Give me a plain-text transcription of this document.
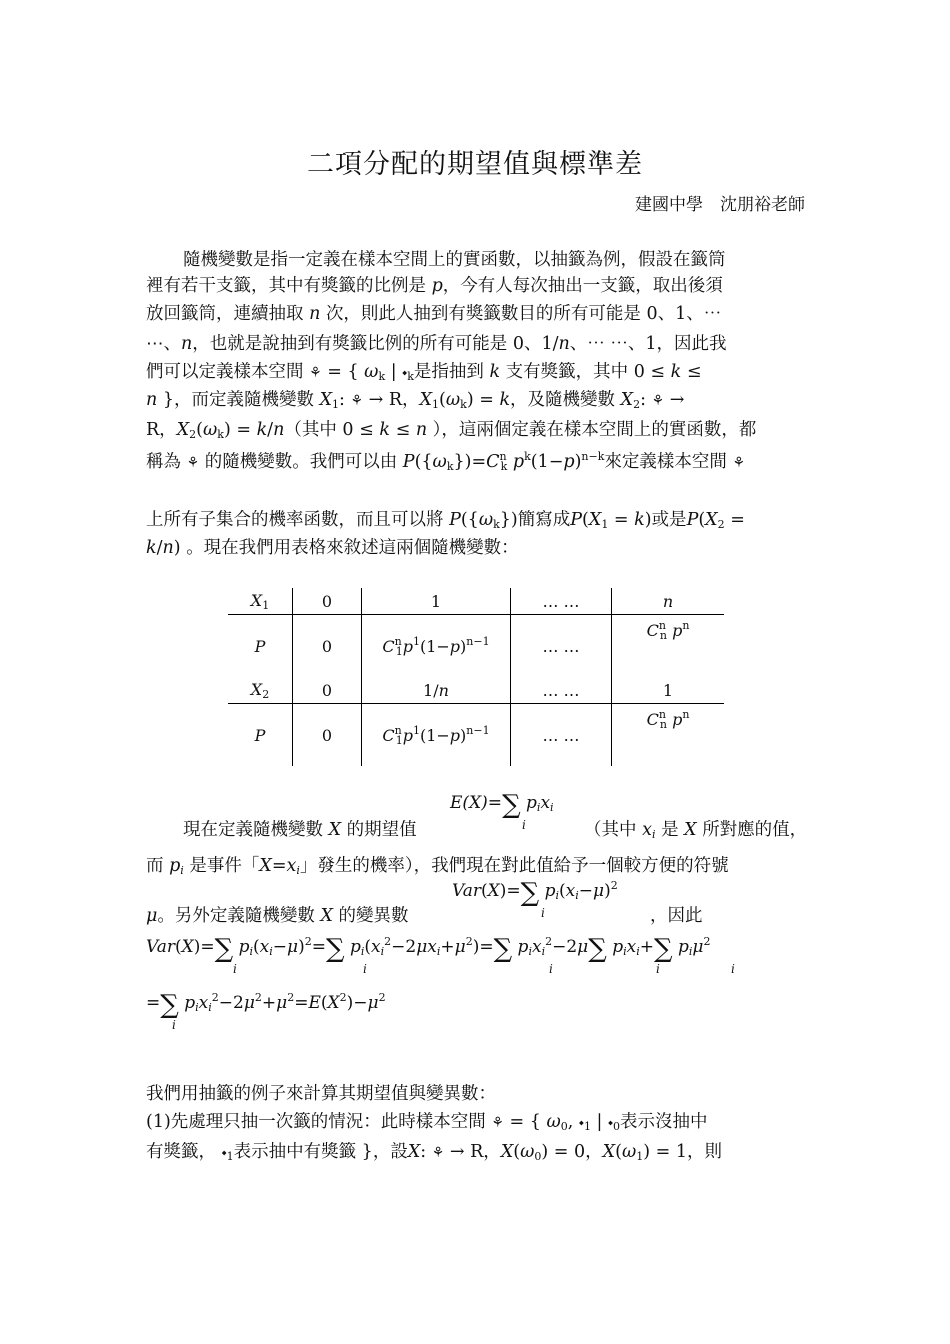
二項分配的期望值與標準差
建國中學　沈朋裕老師
隨機變數是指一定義在樣本空間上的實函數，以抽籤為例，假設在籤筒
裡有若干支籤，其中有獎籤的比例是 p，今有人每次抽出一支籤，取出後須
放回籤筒，連續抽取 n 次，則此人抽到有獎籤數目的所有可能是 0、1、⋯
⋯、n，也就是說抽到有獎籤比例的所有可能是 0、1/n、⋯ ⋯、1，因此我
們可以定義樣本空間 ⚘ = { $\omega_k$ | $⬩_k$是指抽到 k 支有獎籤，其中 0 ≤ k ≤
n }，而定義隨機變數 $X_1$: ⚘ → R，$X_1(\omega_k) = k$，及隨機變數 $X_2$: ⚘ →
R，$X_2(\omega_k) = k/n$（其中 0 ≤ k ≤ n ），這兩個定義在樣本空間上的實函數，都
稱為 ⚘ 的隨機變數。我們可以由 $P(\{\omega_k\})=C^n_k$ $p^k(1-p)^{n-k}$來定義樣本空間 ⚘
上所有子集合的機率函數，而且可以將 $P(\{\omega_k\})$簡寫成$P(X_1 = k)$或是$P(X_2$ =
k/n) 。現在我們用表格來敘述這兩個隨機變數：
$X_1$	0	1	… …	n
P	0	$C^n_1p^1(1-p)^{n-1}$	… …	$C^n_n$ $p^n$
$X_2$	0	1/n	… …	1
P	0	$C^n_1p^1(1-p)^{n-1}$	… …	$C^n_n$ $p^n$
E(X)=∑ $p_ix_i$
i
現在定義隨機變數 X 的期望值	（其中 $x_i$ 是 X 所對應的值，
而 $p_i$ 是事件「$X=x_i$」發生的機率），我們現在對此值給予一個較方便的符號
Var(X)=∑ $p_i(x_i-\mu)^2$
i
μ。另外定義隨機變數 X 的變異數	，因此
Var(X)=∑ $p_i(x_i-\mu)^2=\sum$ $p_i(x_i^2-2\mu x_i+\mu^2)=\sum$ $p_ix_i^2-2\mu\sum$ $p_ix_i+\sum$ $p_i\mu^2$
i	i	i	i	i
=∑ $p_ix_i^2-2\mu^2+\mu^2=E(X^2)-\mu^2$
i
我們用抽籤的例子來計算其期望值與變異數：
(1)先處理只抽一次籤的情況：此時樣本空間 ⚘ = { $\omega_0$, $⬩_1$ | $⬩_0$表示沒抽中
有獎籤， $⬩_1$表示抽中有獎籤 }，設X: ⚘ → R，$X(\omega_0) = 0$，$X(\omega_1) = 1$，則
